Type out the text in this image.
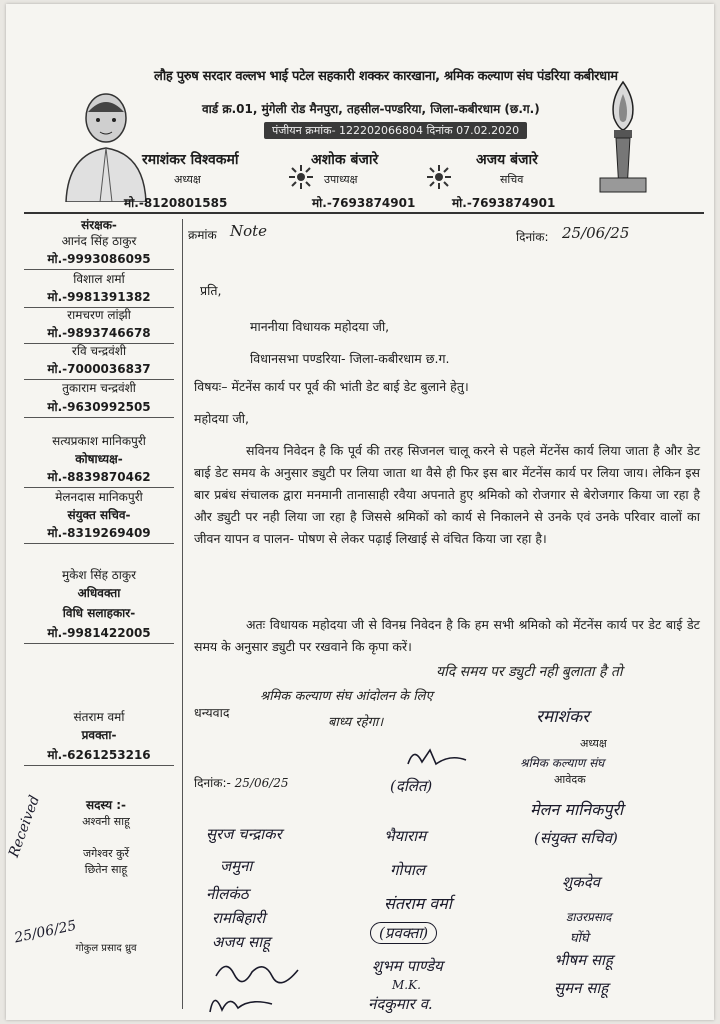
लौह पुरुष सरदार वल्लभ भाई पटेल सहकारी शक्कर कारखाना, श्रमिक कल्याण संघ पंडरिया कबीरधाम
वार्ड क्र.01, मुंगेली रोड मैनपुरा, तहसील-पण्डरिया, जिला-कबीरधाम (छ.ग.)
पंजीयन क्रमांक- 122202066804 दिनांक 07.02.2020
रमाशंकर विश्वकर्मा
अध्यक्ष
मो.-8120801585
अशोक बंजारे
उपाध्यक्ष
मो.-7693874901
अजय बंजारे
सचिव
मो.-7693874901
संरक्षक-
आनंद सिंह ठाकुर
मो.-9993086095
विशाल शर्मा
मो.-9981391382
रामचरण लांझी
मो.-9893746678
रवि चन्द्रवंशी
मो.-7000036837
तुकाराम चन्द्रवंशी
मो.-9630992505
सत्यप्रकाश मानिकपुरी
कोषाध्यक्ष-
मो.-8839870462
मेलनदास मानिकपुरी
संयुक्त सचिव-
मो.-8319269409
मुकेश सिंह ठाकुर
अधिवक्ता
विधि सलाहकार-
मो.-9981422005
संतराम वर्मा
प्रवक्ता-
मो.-6261253216
सदस्य :-
अश्वनी साहू
जगेश्वर कुर्रे
छितेन साहू
गोकुल प्रसाद ध्रुव
Received
25/06/25
क्रमांक Note	दिनांक: 25/06/25
प्रति,
माननीया विधायक महोदया जी,
विधानसभा पण्डरिया- जिला-कबीरधाम छ.ग.
विषयः– मेंटनेंस कार्य पर पूर्व की भांती डेट बाई डेट बुलाने हेतु।
महोदया जी,
सविनय निवेदन है कि पूर्व की तरह सिजनल चालू करने से पहले मेंटनेंस कार्य लिया जाता है और डेट बाई डेट समय के अनुसार ड्युटी पर लिया जाता था वैसे ही फिर इस बार मेंटनेंस कार्य पर लिया जाय। लेकिन इस बार प्रबंध संचालक द्वारा मनमानी तानासाही रवैया अपनाते हुए श्रमिको को रोजगार से बेरोजगार किया जा रहा है और ड्युटी पर नही लिया जा रहा है जिससे श्रमिकों को कार्य से निकालने से उनके एवं उनके परिवार वालों का जीवन यापन व पालन- पोषण से लेकर पढ़ाई लिखाई से वंचित किया जा रहा है।
अतः विधायक महोदया जी से विनम्र निवेदन है कि हम सभी श्रमिको को मेंटनेंस कार्य पर डेट बाई डेट समय के अनुसार ड्युटी पर रखवाने कि कृपा करें।
यदि समय पर ड्युटी नही बुलाता है तो
श्रमिक कल्याण संघ आंदोलन के लिए
बाध्य रहेगा।
धन्यवाद	रमाशंकर
अध्यक्ष
श्रमिक कल्याण संघ
आवेदक
दिनांक:- 25/06/25
सुरज चन्द्राकर
जमुना
नीलकंठ
रामबिहारी
अजय साहू
(दलित)
भैयाराम
गोपाल
संतराम वर्मा
(प्रवक्ता)
शुभम पाण्डेय
M.K.
नंदकुमार व.
मेलन मानिकपुरी
(संयुक्त सचिव)
शुकदेव
डाउरप्रसाद
घोंघे
भीषम साहू
सुमन साहू
